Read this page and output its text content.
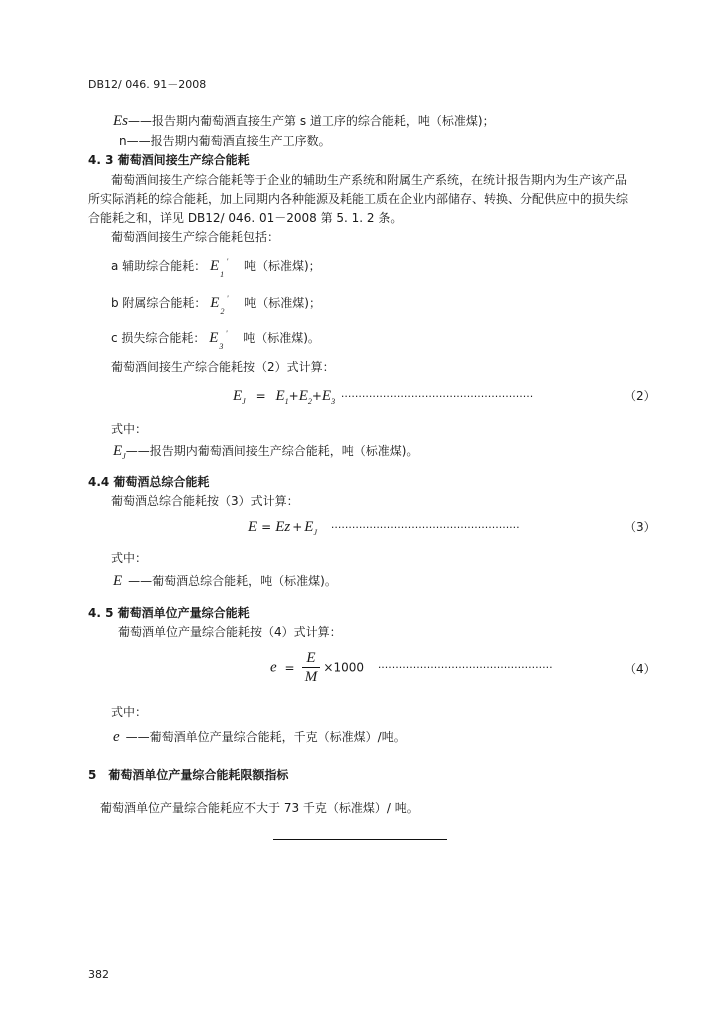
DB12/ 046. 91－2008
Es——报告期内葡萄酒直接生产第 s 道工序的综合能耗，吨（标准煤)；
n——报告期内葡萄酒直接生产工序数。
4. 3 葡萄酒间接生产综合能耗
葡萄酒间接生产综合能耗等于企业的辅助生产系统和附属生产系统，在统计报告期内为生产该产品
所实际消耗的综合能耗，加上同期内各种能源及耗能工质在企业内部储存、转换、分配供应中的损失综
合能耗之和，详见 DB12/ 046. 01－2008 第 5. 1. 2 条。
葡萄酒间接生产综合能耗包括：
a 辅助综合能耗： $E_1$
' 吨（标准煤)；
b 附属综合能耗： $E_2$
' 吨（标准煤)；
c 损失综合能耗： $E_3$
' 吨（标准煤)。
葡萄酒间接生产综合能耗按（2）式计算：
$E_J = E_1+E_2+E_3$ ·······················································	（2）
式中：
$E_J——$报告期内葡萄酒间接生产综合能耗，吨（标准煤)。
4.4 葡萄酒总综合能耗
葡萄酒总综合能耗按（3）式计算：
$E = Ez + E_J$ ······················································	（3）
式中：
E ——葡萄酒总综合能耗，吨（标准煤)。
4. 5 葡萄酒单位产量综合能耗
葡萄酒单位产量综合能耗按（4）式计算：
$e = \frac{E}{M} \times 1000$ ··················································	（4）
式中：
e ——葡萄酒单位产量综合能耗，千克（标准煤）/吨。
5　葡萄酒单位产量综合能耗限额指标
葡萄酒单位产量综合能耗应不大于 73 千克（标准煤）/ 吨。
382
